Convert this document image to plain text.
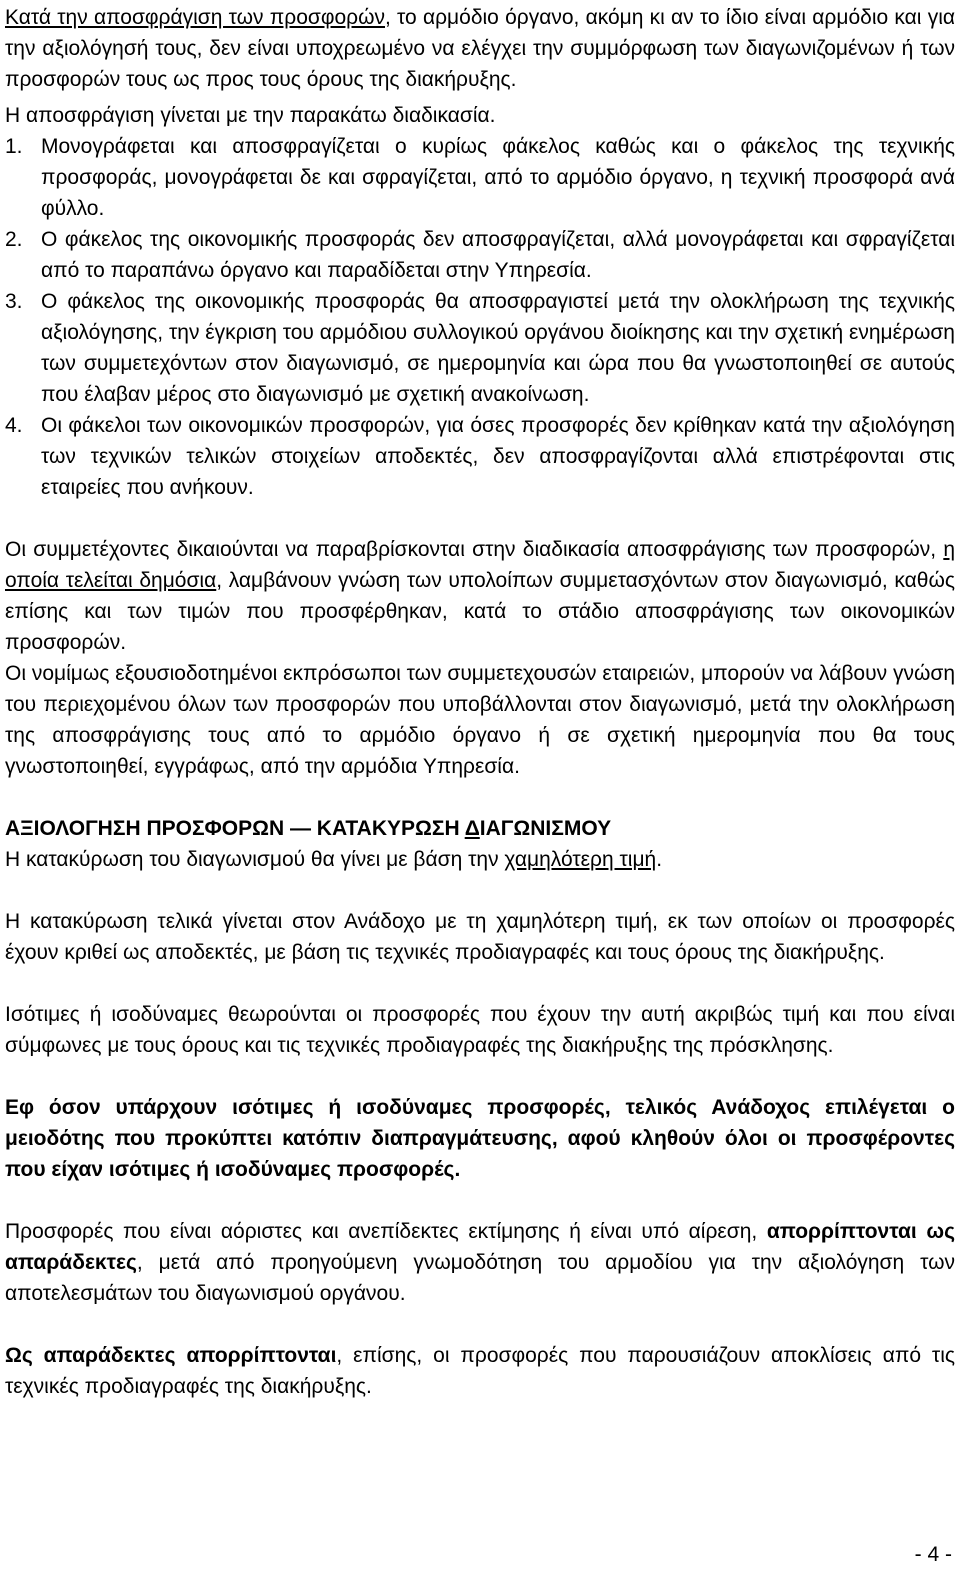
Κατά την αποσφράγιση των προσφορών, το αρμόδιο όργανο, ακόμη κι αν το ίδιο είναι αρμόδιο και για την αξιολόγησή τους, δεν είναι υποχρεωμένο να ελέγχει την συμμόρφωση των διαγωνιζομένων ή των προσφορών τους ως προς τους όρους της διακήρυξης.

Η αποσφράγιση γίνεται με την παρακάτω διαδικασία.

1. Μονογράφεται και αποσφραγίζεται ο κυρίως φάκελος καθώς και ο φάκελος της τεχνικής προσφοράς, μονογράφεται δε και σφραγίζεται, από το αρμόδιο όργανο, η τεχνική προσφορά ανά φύλλο.
2. Ο φάκελος της οικονομικής προσφοράς δεν αποσφραγίζεται, αλλά μονογράφεται και σφραγίζεται από το παραπάνω όργανο και παραδίδεται στην Υπηρεσία.
3. Ο φάκελος της οικονομικής προσφοράς θα αποσφραγιστεί μετά την ολοκλήρωση της τεχνικής αξιολόγησης, την έγκριση του αρμόδιου συλλογικού οργάνου διοίκησης και την σχετική ενημέρωση των συμμετεχόντων στον διαγωνισμό, σε ημερομηνία και ώρα που θα γνωστοποιηθεί σε αυτούς που έλαβαν μέρος στο διαγωνισμό με σχετική ανακοίνωση.
4. Οι φάκελοι των οικονομικών προσφορών, για όσες προσφορές δεν κρίθηκαν κατά την αξιολόγηση των τεχνικών τελικών στοιχείων αποδεκτές, δεν αποσφραγίζονται αλλά επιστρέφονται στις εταιρείες που ανήκουν.

Οι συμμετέχοντες δικαιούνται να παραβρίσκονται στην διαδικασία αποσφράγισης των προσφορών, η οποία τελείται δημόσια, λαμβάνουν γνώση των υπολοίπων συμμετασχόντων στον διαγωνισμό, καθώς επίσης και των τιμών που προσφέρθηκαν, κατά το στάδιο αποσφράγισης των οικονομικών προσφορών.

Οι νομίμως εξουσιοδοτημένοι εκπρόσωποι των συμμετεχουσών εταιρειών, μπορούν να λάβουν γνώση του περιεχομένου όλων των προσφορών που υποβάλλονται στον διαγωνισμό, μετά την ολοκλήρωση της αποσφράγισης τους από το αρμόδιο όργανο ή σε σχετική ημερομηνία που θα τους γνωστοποιηθεί, εγγράφως, από την αρμόδια Υπηρεσία.

ΑΞΙΟΛΟΓΗΣΗ ΠΡΟΣΦΟΡΩΝ — ΚΑΤΑΚΥΡΩΣΗ ΔΙΑΓΩΝΙΣΜΟΥ

Η κατακύρωση του διαγωνισμού θα γίνει με βάση την χαμηλότερη τιμή.

Η κατακύρωση τελικά γίνεται στον Ανάδοχο με τη χαμηλότερη τιμή, εκ των οποίων οι προσφορές έχουν κριθεί ως αποδεκτές, με βάση τις τεχνικές προδιαγραφές και τους όρους της διακήρυξης.

Ισότιμες ή ισοδύναμες θεωρούνται οι προσφορές που έχουν την αυτή ακριβώς τιμή και που είναι σύμφωνες με τους όρους και τις τεχνικές προδιαγραφές της διακήρυξης της πρόσκλησης.

Εφ όσον υπάρχουν ισότιμες ή ισοδύναμες προσφορές, τελικός Ανάδοχος επιλέγεται ο μειοδότης που προκύπτει κατόπιν διαπραγμάτευσης, αφού κληθούν όλοι οι προσφέροντες που είχαν ισότιμες ή ισοδύναμες προσφορές.

Προσφορές που είναι αόριστες και ανεπίδεκτες εκτίμησης ή είναι υπό αίρεση, απορρίπτονται ως απαράδεκτες, μετά από προηγούμενη γνωμοδότηση του αρμοδίου για την αξιολόγηση των αποτελεσμάτων του διαγωνισμού οργάνου.

Ως απαράδεκτες απορρίπτονται, επίσης, οι προσφορές που παρουσιάζουν αποκλίσεις από τις τεχνικές προδιαγραφές της διακήρυξης.

- 4 -
